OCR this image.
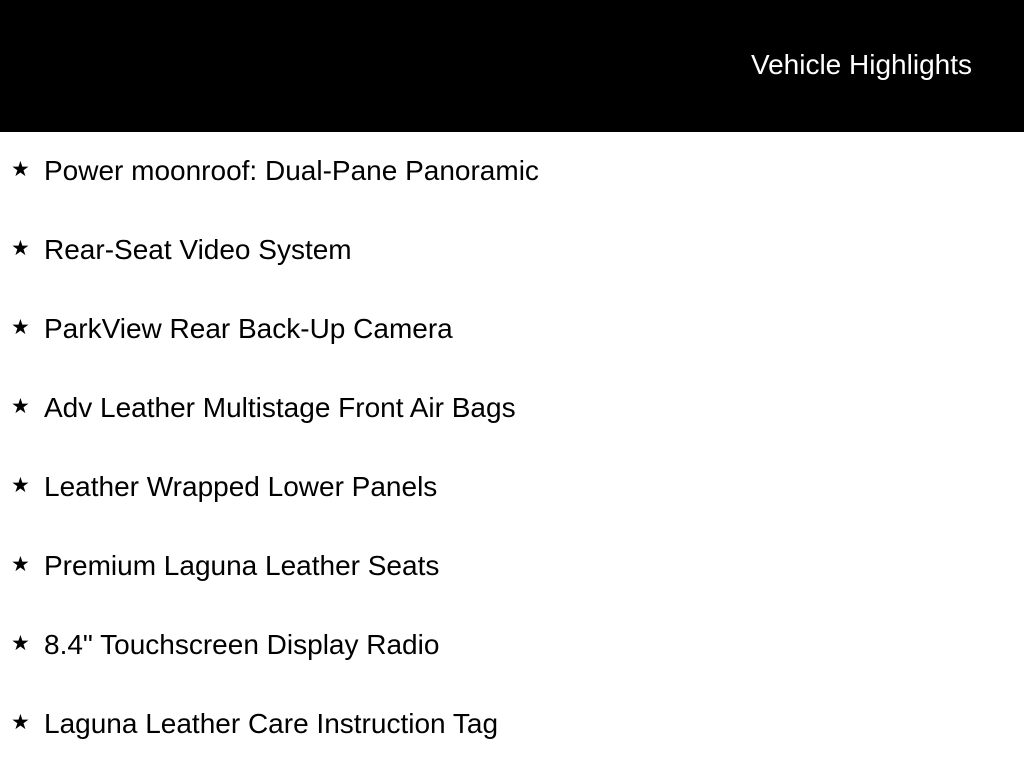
Vehicle Highlights
★ Power moonroof: Dual-Pane Panoramic
★ Rear-Seat Video System
★ ParkView Rear Back-Up Camera
★ Adv Leather Multistage Front Air Bags
★ Leather Wrapped Lower Panels
★ Premium Laguna Leather Seats
★ 8.4" Touchscreen Display Radio
★ Laguna Leather Care Instruction Tag
